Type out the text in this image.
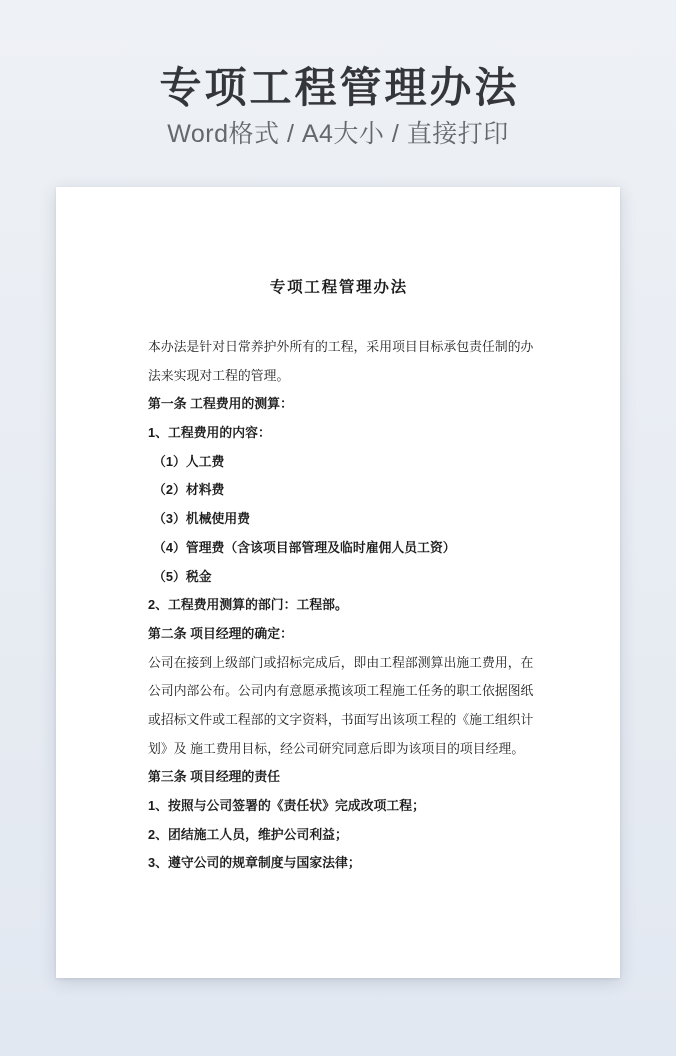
专项工程管理办法
Word格式 / A4大小 / 直接打印
专项工程管理办法
本办法是针对日常养护外所有的工程，采用项目目标承包责任制的办
法来实现对工程的管理。
第一条 工程费用的测算：
1、工程费用的内容：
（1）人工费
（2）材料费
（3）机械使用费
（4）管理费（含该项目部管理及临时雇佣人员工资）
（5）税金
2、工程费用测算的部门：工程部。
第二条 项目经理的确定：
公司在接到上级部门或招标完成后，即由工程部测算出施工费用，在
公司内部公布。公司内有意愿承揽该项工程施工任务的职工依据图纸
或招标文件或工程部的文字资料，书面写出该项工程的《施工组织计
划》及 施工费用目标，经公司研究同意后即为该项目的项目经理。
第三条 项目经理的责任
1、按照与公司签署的《责任状》完成改项工程；
2、团结施工人员，维护公司利益；
3、遵守公司的规章制度与国家法律；
